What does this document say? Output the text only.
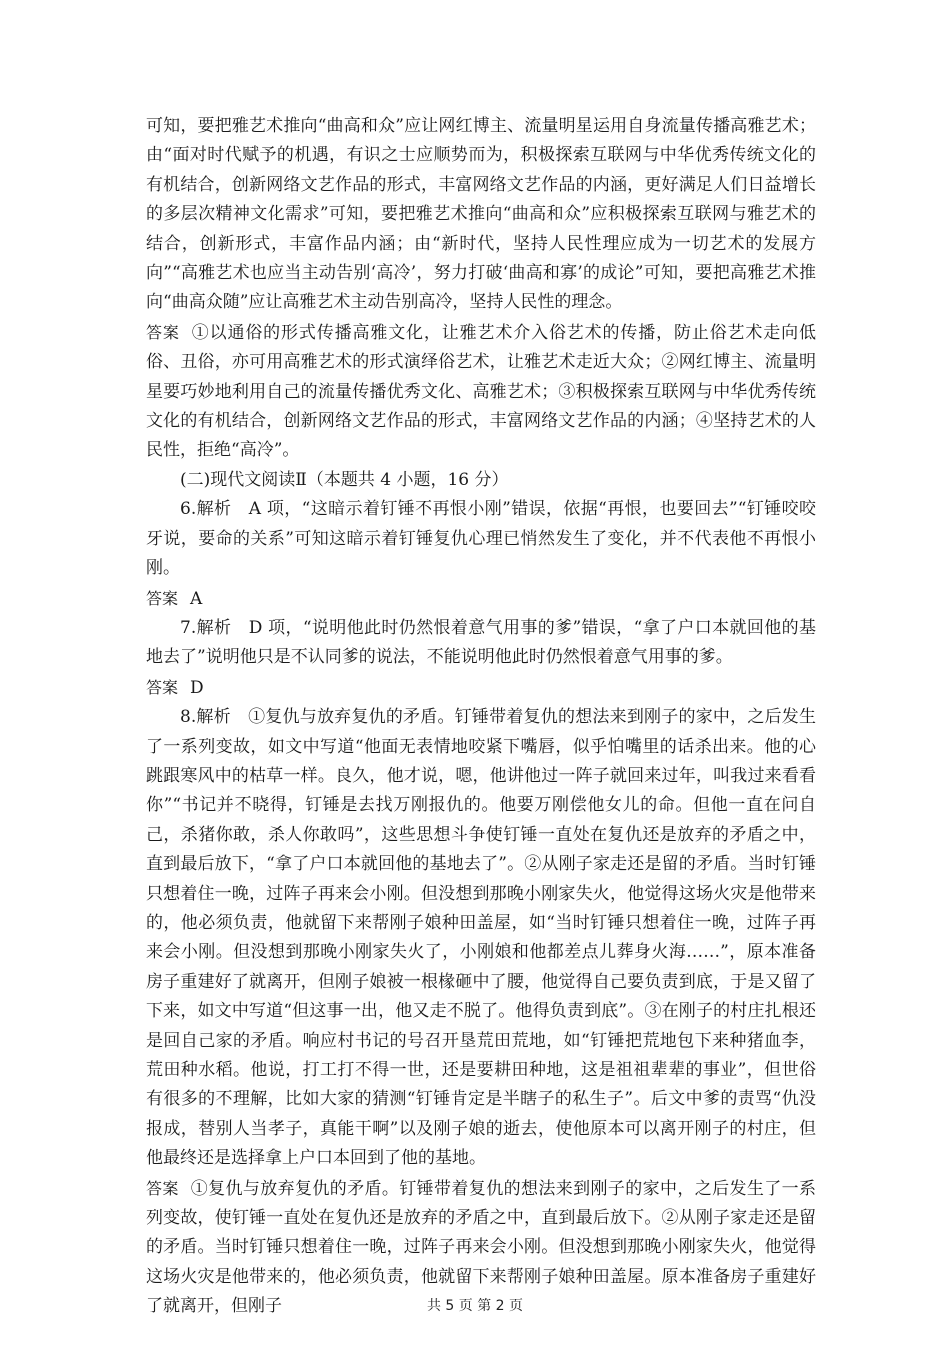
可知，要把雅艺术推向“曲高和众”应让网红博主、流量明星运用自身流量传播高雅艺术；由“面对时代赋予的机遇，有识之士应顺势而为，积极探索互联网与中华优秀传统文化的有机结合，创新网络文艺作品的形式，丰富网络文艺作品的内涵，更好满足人们日益增长的多层次精神文化需求”可知，要把雅艺术推向“曲高和众”应积极探索互联网与雅艺术的结合，创新形式，丰富作品内涵；由“新时代，坚持人民性理应成为一切艺术的发展方向”“高雅艺术也应当主动告别‘高冷’，努力打破‘曲高和寡’的成论”可知，要把高雅艺术推向“曲高众随”应让高雅艺术主动告别高冷，坚持人民性的理念。

答案 ①以通俗的形式传播高雅文化，让雅艺术介入俗艺术的传播，防止俗艺术走向低俗、丑俗，亦可用高雅艺术的形式演绎俗艺术，让雅艺术走近大众；②网红博主、流量明星要巧妙地利用自己的流量传播优秀文化、高雅艺术；③积极探索互联网与中华优秀传统文化的有机结合，创新网络文艺作品的形式，丰富网络文艺作品的内涵；④坚持艺术的人民性，拒绝“高冷”。

(二)现代文阅读Ⅱ（本题共 4 小题，16 分）

6.解析　A 项，“这暗示着钉锤不再恨小刚”错误，依据“再恨，也要回去”“钉锤咬咬牙说，要命的关系”可知这暗示着钉锤复仇心理已悄然发生了变化，并不代表他不再恨小刚。

答案 A

7.解析　D 项，“说明他此时仍然恨着意气用事的爹”错误，“拿了户口本就回他的基地去了”说明他只是不认同爹的说法，不能说明他此时仍然恨着意气用事的爹。

答案 D

8.解析　①复仇与放弃复仇的矛盾。钉锤带着复仇的想法来到刚子的家中，之后发生了一系列变故，如文中写道“他面无表情地咬紧下嘴唇，似乎怕嘴里的话杀出来。他的心跳跟寒风中的枯草一样。良久，他才说，嗯，他讲他过一阵子就回来过年，叫我过来看看你”“书记并不晓得，钉锤是去找万刚报仇的。他要万刚偿他女儿的命。但他一直在问自己，杀猪你敢，杀人你敢吗”，这些思想斗争使钉锤一直处在复仇还是放弃的矛盾之中，直到最后放下，“拿了户口本就回他的基地去了”。②从刚子家走还是留的矛盾。当时钉锤只想着住一晚，过阵子再来会小刚。但没想到那晚小刚家失火，他觉得这场火灾是他带来的，他必须负责，他就留下来帮刚子娘种田盖屋，如“当时钉锤只想着住一晚，过阵子再来会小刚。但没想到那晚小刚家失火了，小刚娘和他都差点儿葬身火海……”，原本准备房子重建好了就离开，但刚子娘被一根椽砸中了腰，他觉得自己要负责到底，于是又留了下来，如文中写道“但这事一出，他又走不脱了。他得负责到底”。③在刚子的村庄扎根还是回自己家的矛盾。响应村书记的号召开垦荒田荒地，如“钉锤把荒地包下来种猪血李，荒田种水稻。他说，打工打不得一世，还是要耕田种地，这是祖祖辈辈的事业”，但世俗有很多的不理解，比如大家的猜测“钉锤肯定是半瞎子的私生子”。后文中爹的责骂“仇没报成，替别人当孝子，真能干啊”以及刚子娘的逝去，使他原本可以离开刚子的村庄，但他最终还是选择拿上户口本回到了他的基地。

答案 ①复仇与放弃复仇的矛盾。钉锤带着复仇的想法来到刚子的家中，之后发生了一系列变故，使钉锤一直处在复仇还是放弃的矛盾之中，直到最后放下。②从刚子家走还是留的矛盾。当时钉锤只想着住一晚，过阵子再来会小刚。但没想到那晚小刚家失火，他觉得这场火灾是他带来的，他必须负责，他就留下来帮刚子娘种田盖屋。原本准备房子重建好了就离开，但刚子	共 5 页 第 2 页
